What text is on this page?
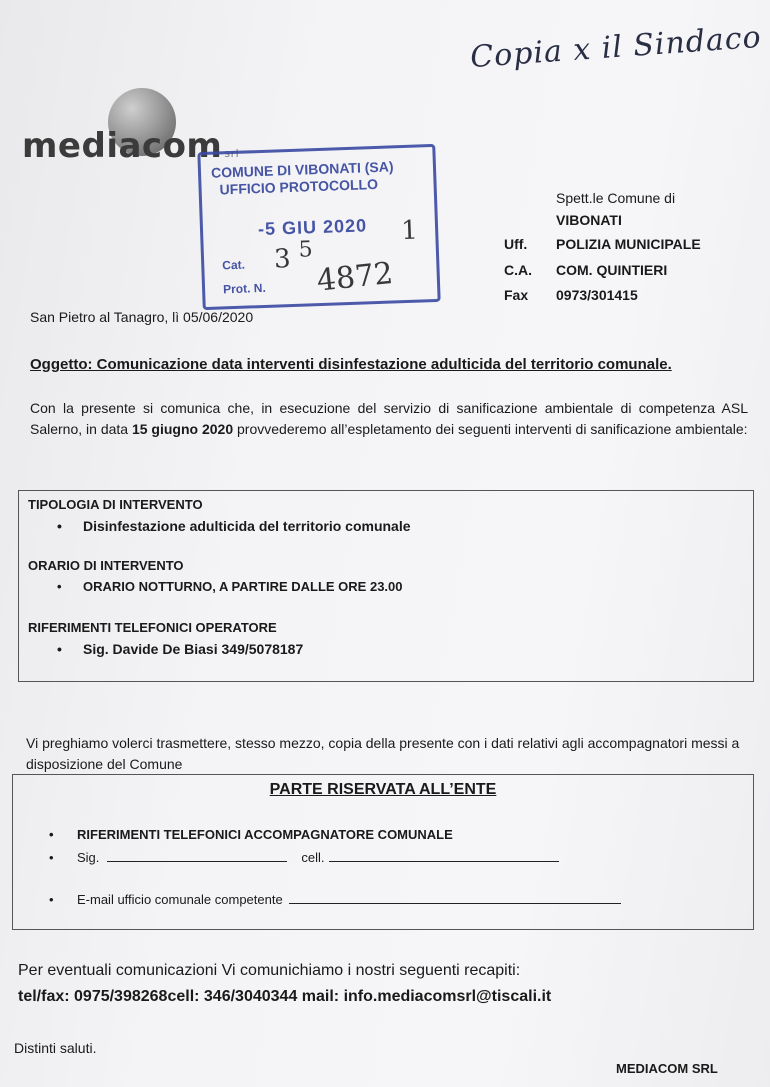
Copia x il Sindaco
mediacom srl
COMUNE DI VIBONATI (SA)
UFFICIO PROTOCOLLO
-5 GIU 2020
Cat.
Prot. N.
3 $^5$
4872
1
Spett.le Comune di
VIBONATI
Uff. POLIZIA MUNICIPALE
C.A. COM. QUINTIERI
Fax 0973/301415
San Pietro al Tanagro, lì 05/06/2020
Oggetto: Comunicazione data interventi disinfestazione adulticida del territorio comunale.
Con la presente si comunica che, in esecuzione del servizio di sanificazione ambientale di competenza ASL Salerno, in data 15 giugno 2020 provvederemo all’espletamento dei seguenti interventi di sanificazione ambientale:
TIPOLOGIA DI INTERVENTO
• Disinfestazione adulticida del territorio comunale
ORARIO DI INTERVENTO
• ORARIO NOTTURNO, A PARTIRE DALLE ORE 23.00
RIFERIMENTI TELEFONICI OPERATORE
• Sig. Davide De Biasi 349/5078187
Vi preghiamo volerci trasmettere, stesso mezzo, copia della presente con i dati relativi agli accompagnatori messi a disposizione del Comune
PARTE RISERVATA ALL’ENTE
• RIFERIMENTI TELEFONICI ACCOMPAGNATORE COMUNALE
• Sig.	cell.
• E-mail ufficio comunale competente
Per eventuali comunicazioni Vi comunichiamo i nostri seguenti recapiti:
tel/fax: 0975/398268cell: 346/3040344 mail: info.mediacomsrl@tiscali.it
Distinti saluti.
MEDIACOM SRL
